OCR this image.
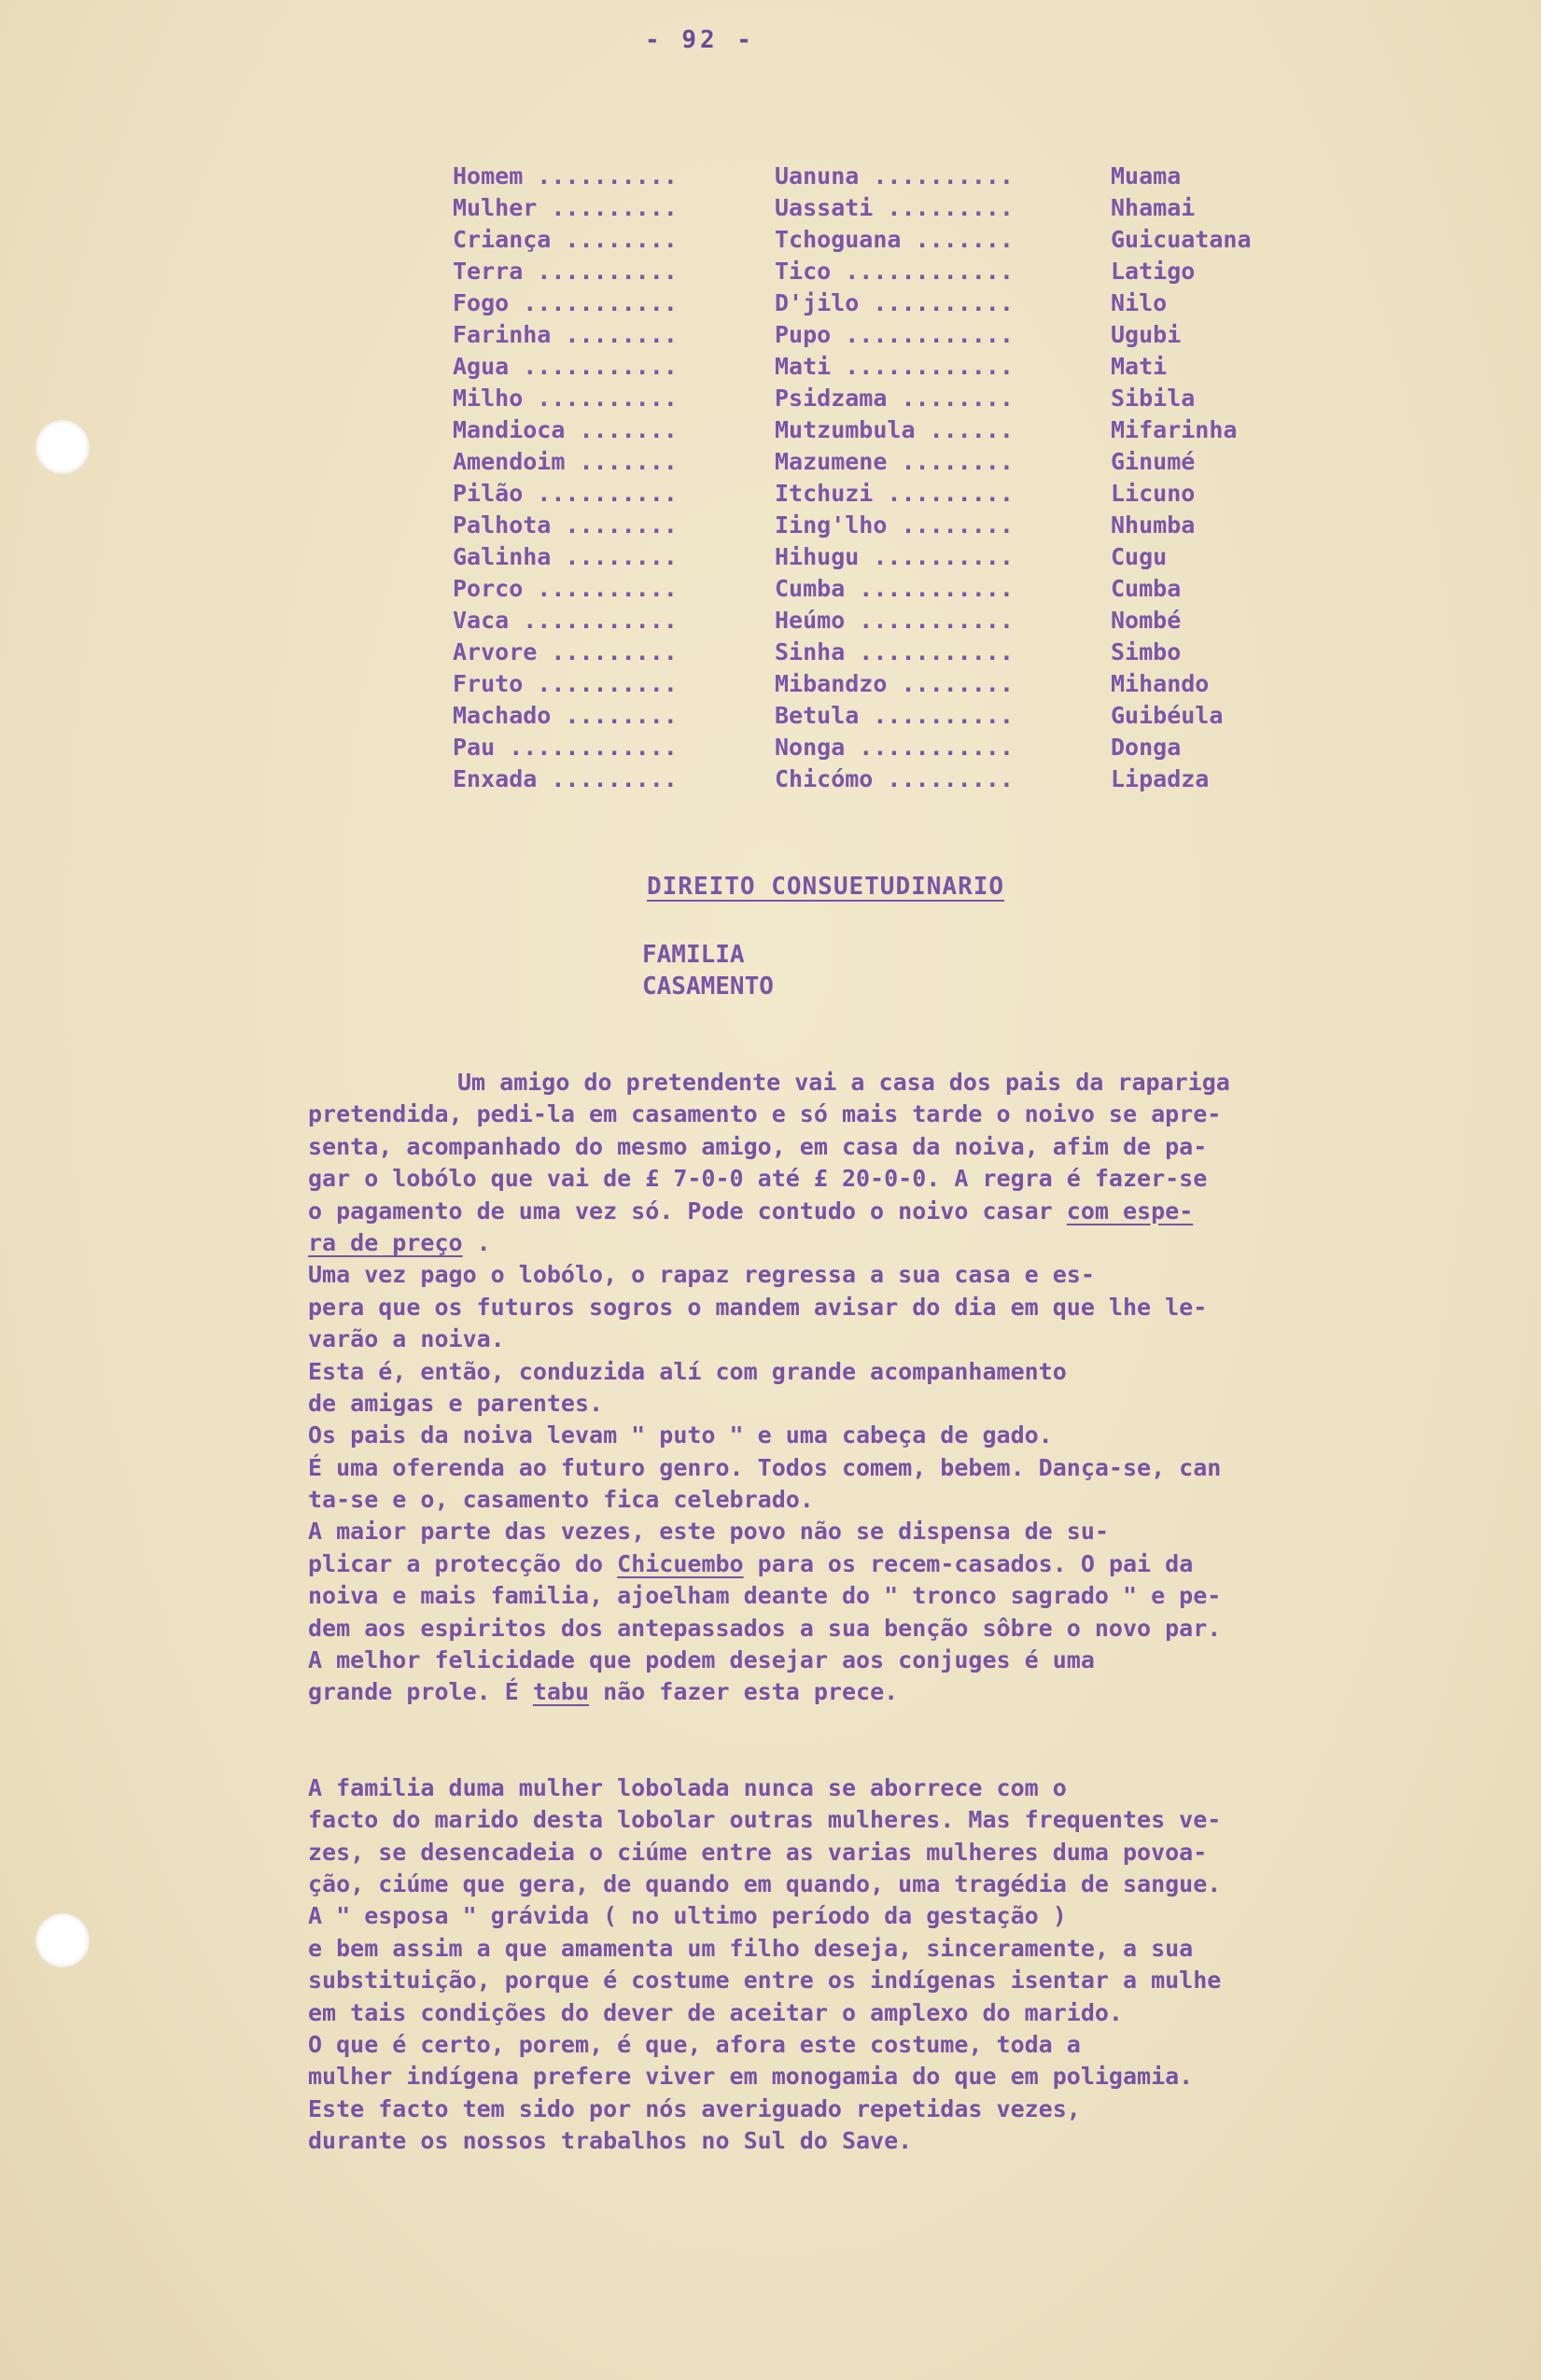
- 92 -
Homem ..........	Uanuna ..........	Muama
Mulher .........	Uassati .........	Nhamai
Criança ........	Tchoguana .......	Guicuatana
Terra ..........	Tico ............	Latigo
Fogo ...........	D'jilo ..........	Nilo
Farinha ........	Pupo ............	Ugubi
Agua ...........	Mati ............	Mati
Milho ..........	Psidzama ........	Sibila
Mandioca .......	Mutzumbula ......	Mifarinha
Amendoim .......	Mazumene ........	Ginumé
Pilão ..........	Itchuzi .........	Licuno
Palhota ........	Iing'lho ........	Nhumba
Galinha ........	Hihugu ..........	Cugu
Porco ..........	Cumba ...........	Cumba
Vaca ...........	Heúmo ...........	Nombé
Arvore .........	Sinha ...........	Simbo
Fruto ..........	Mibandzo ........	Mihando
Machado ........	Betula ..........	Guibéula
Pau ............	Nonga ...........	Donga
Enxada .........	Chicómo .........	Lipadza
DIREITO CONSUETUDINARIO
FAMILIA
CASAMENTO
Um amigo do pretendente vai a casa dos pais da rapariga
pretendida, pedi-la em casamento e só mais tarde o noivo se apre-
senta, acompanhado do mesmo amigo, em casa da noiva, afim de pa-
gar o lobólo que vai de £ 7-0-0 até £ 20-0-0. A regra é fazer-se
o pagamento de uma vez só. Pode contudo o noivo casar com espe-
ra de preço .
Uma vez pago o lobólo, o rapaz regressa a sua casa e es-
pera que os futuros sogros o mandem avisar do dia em que lhe le-
varão a noiva.
Esta é, então, conduzida alí com grande acompanhamento
de amigas e parentes.
Os pais da noiva levam " puto " e uma cabeça de gado.
É uma oferenda ao futuro genro. Todos comem, bebem. Dança-se, can
ta-se e o, casamento fica celebrado.
A maior parte das vezes, este povo não se dispensa de su-
plicar a protecção do Chicuembo para os recem-casados. O pai da
noiva e mais familia, ajoelham deante do " tronco sagrado " e pe-
dem aos espiritos dos antepassados a sua benção sôbre o novo par.
A melhor felicidade que podem desejar aos conjuges é uma
grande prole. É tabu não fazer esta prece.
A familia duma mulher lobolada nunca se aborrece com o
facto do marido desta lobolar outras mulheres. Mas frequentes ve-
zes, se desencadeia o ciúme entre as varias mulheres duma povoa-
ção, ciúme que gera, de quando em quando, uma tragédia de sangue.
A " esposa " grávida ( no ultimo período da gestação )
e bem assim a que amamenta um filho deseja, sinceramente, a sua
substituição, porque é costume entre os indígenas isentar a mulhe
em tais condições do dever de aceitar o amplexo do marido.
O que é certo, porem, é que, afora este costume, toda a
mulher indígena prefere viver em monogamia do que em poligamia.
Este facto tem sido por nós averiguado repetidas vezes,
durante os nossos trabalhos no Sul do Save.
